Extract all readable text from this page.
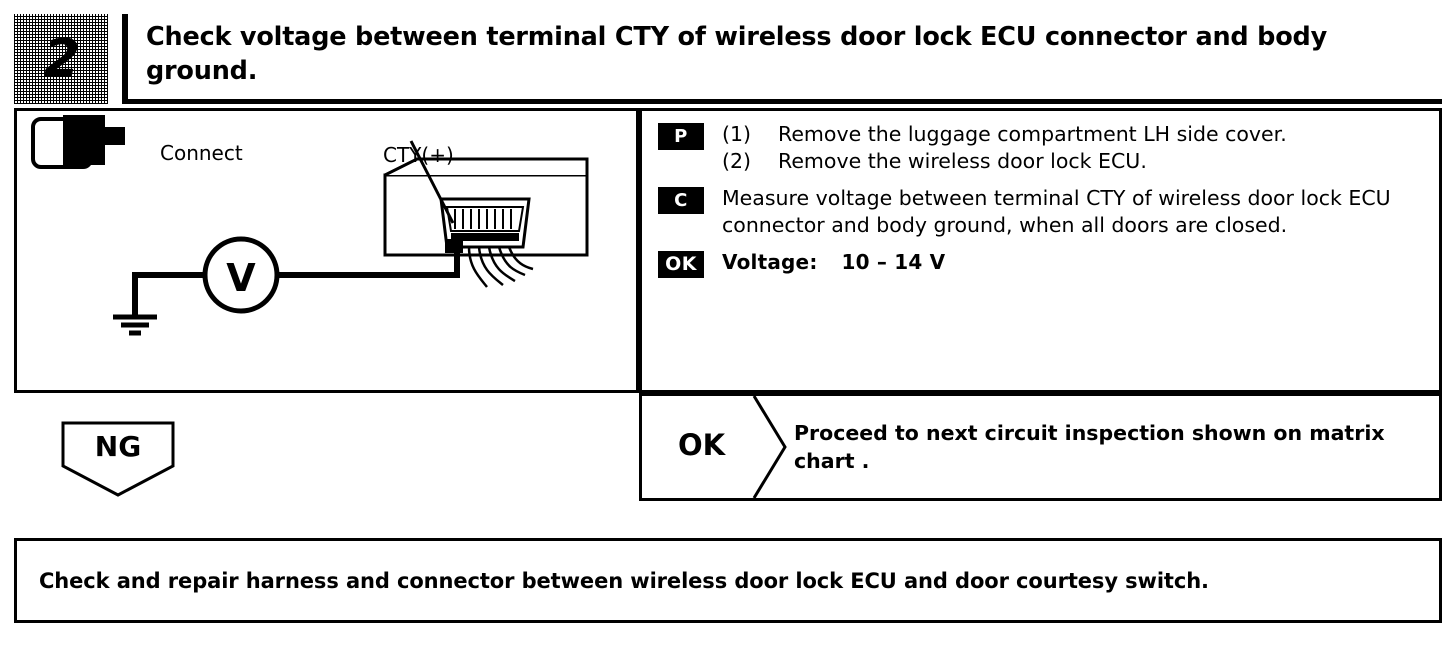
2	Check voltage between terminal CTY of wireless door lock ECU connector and body ground.
V
Connect	CTY(+)
P	(1)	Remove the luggage compartment LH side cover.
(2)	Remove the wireless door lock ECU.
C	Measure voltage between terminal CTY of wireless door lock ECU connector and body ground, when all doors are closed.
OK	Voltage: 10 – 14 V
NG	OK	Proceed to next circuit inspection shown on matrix chart .
Check and repair harness and connector between wireless door lock ECU and door courtesy switch.
